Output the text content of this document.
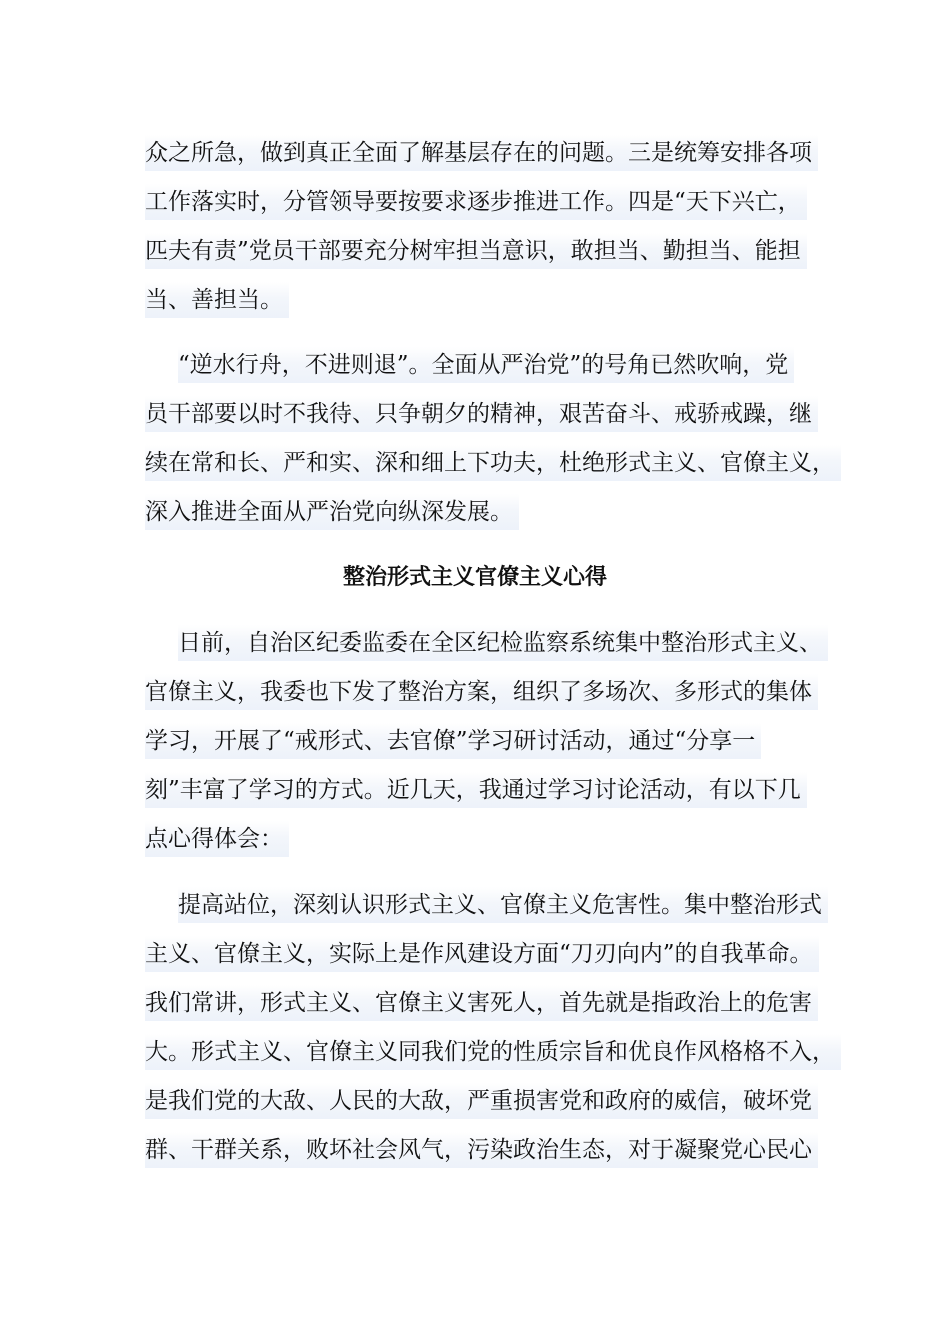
众之所急，做到真正全面了解基层存在的问题。三是统筹安排各项
工作落实时，分管领导要按要求逐步推进工作。四是“天下兴亡，
匹夫有责”党员干部要充分树牢担当意识，敢担当、勤担当、能担
当、善担当。
“逆水行舟，不进则退”。全面从严治党”的号角已然吹响，党
员干部要以时不我待、只争朝夕的精神，艰苦奋斗、戒骄戒躁，继
续在常和长、严和实、深和细上下功夫，杜绝形式主义、官僚主义，
深入推进全面从严治党向纵深发展。
整治形式主义官僚主义心得
日前，自治区纪委监委在全区纪检监察系统集中整治形式主义、
官僚主义，我委也下发了整治方案，组织了多场次、多形式的集体
学习，开展了“戒形式、去官僚”学习研讨活动，通过“分享一
刻”丰富了学习的方式。近几天，我通过学习讨论活动，有以下几
点心得体会：
提高站位，深刻认识形式主义、官僚主义危害性。集中整治形式
主义、官僚主义，实际上是作风建设方面“刀刃向内”的自我革命。
我们常讲，形式主义、官僚主义害死人，首先就是指政治上的危害
大。形式主义、官僚主义同我们党的性质宗旨和优良作风格格不入，
是我们党的大敌、人民的大敌，严重损害党和政府的威信，破坏党
群、干群关系，败坏社会风气，污染政治生态，对于凝聚党心民心
